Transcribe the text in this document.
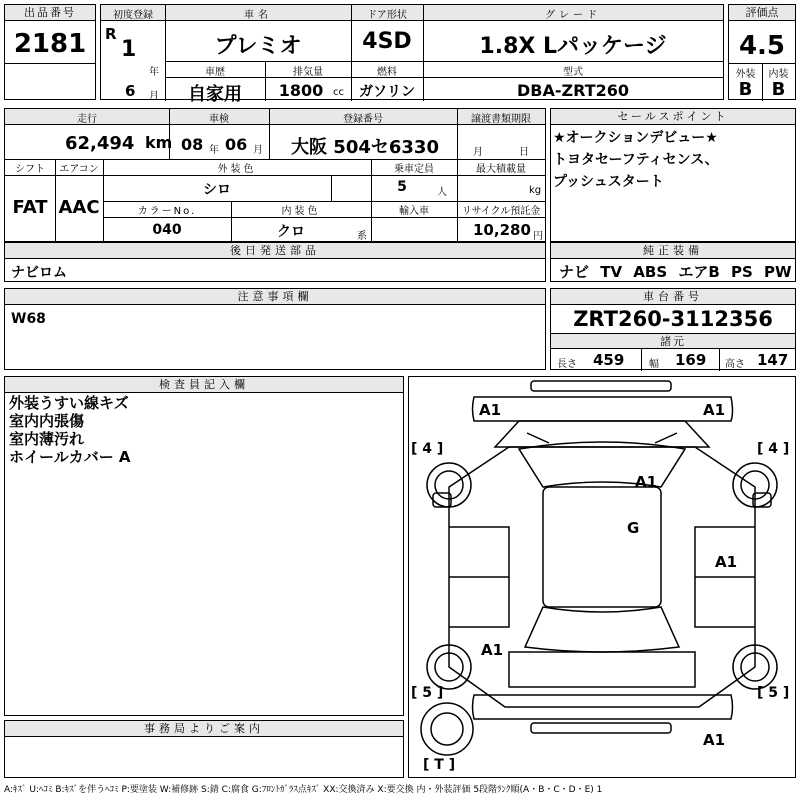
出品番号
2181
初度登録	車名	ドア形状	グレード
R
1
年
6 月
プレミオ	4SD	1.8X Lパッケージ
車歴	排気量	燃料	型式
自家用	1800 cc	ガソリン	DBA-ZRT260
評価点
4.5
外装	内装
B	B
走行	車検	登録番号	譲渡書類期限
62,494 km 08 年 06 月	大阪 504セ6330	月	日
シフト	エアコン	外装色	乗車定員	最大積載量
FAT AAC
シロ	5	人	kg
カラーNo.	内装色	輸入車	リサイクル預託金
040	クロ	系	10,280 円
後日発送部品
ナビロム
セールスポイント
★オークションデビュー★
トヨタセーフティセンス、
プッシュスタート
純正装備
ナビ TV ABS エアB PS PW
注意事項欄
W68
車台番号
ZRT260-3112356
諸元
長さ 459 幅 169 高さ 147
検査員記入欄
外装うすい線キズ
室内内張傷
室内薄汚れ
ホイールカバー A
事務局よりご案内
A1	A1
A1
G
A1
A1
A1
[ 4 ]	[ 4 ]
[ 5 ]	[ 5 ]
[ T ]
A:ｷｽﾞ U:ﾍｺﾐ B:ｷｽﾞを伴うﾍｺﾐ P:要塗装 W:補修跡 S:錆 C:腐食 G:ﾌﾛﾝﾄｶﾞﾗｽ点ｷｽﾞ XX:交換済み X:要交換 内・外装評価 5段階ﾗﾝｸ順(A・B・C・D・E) 1
